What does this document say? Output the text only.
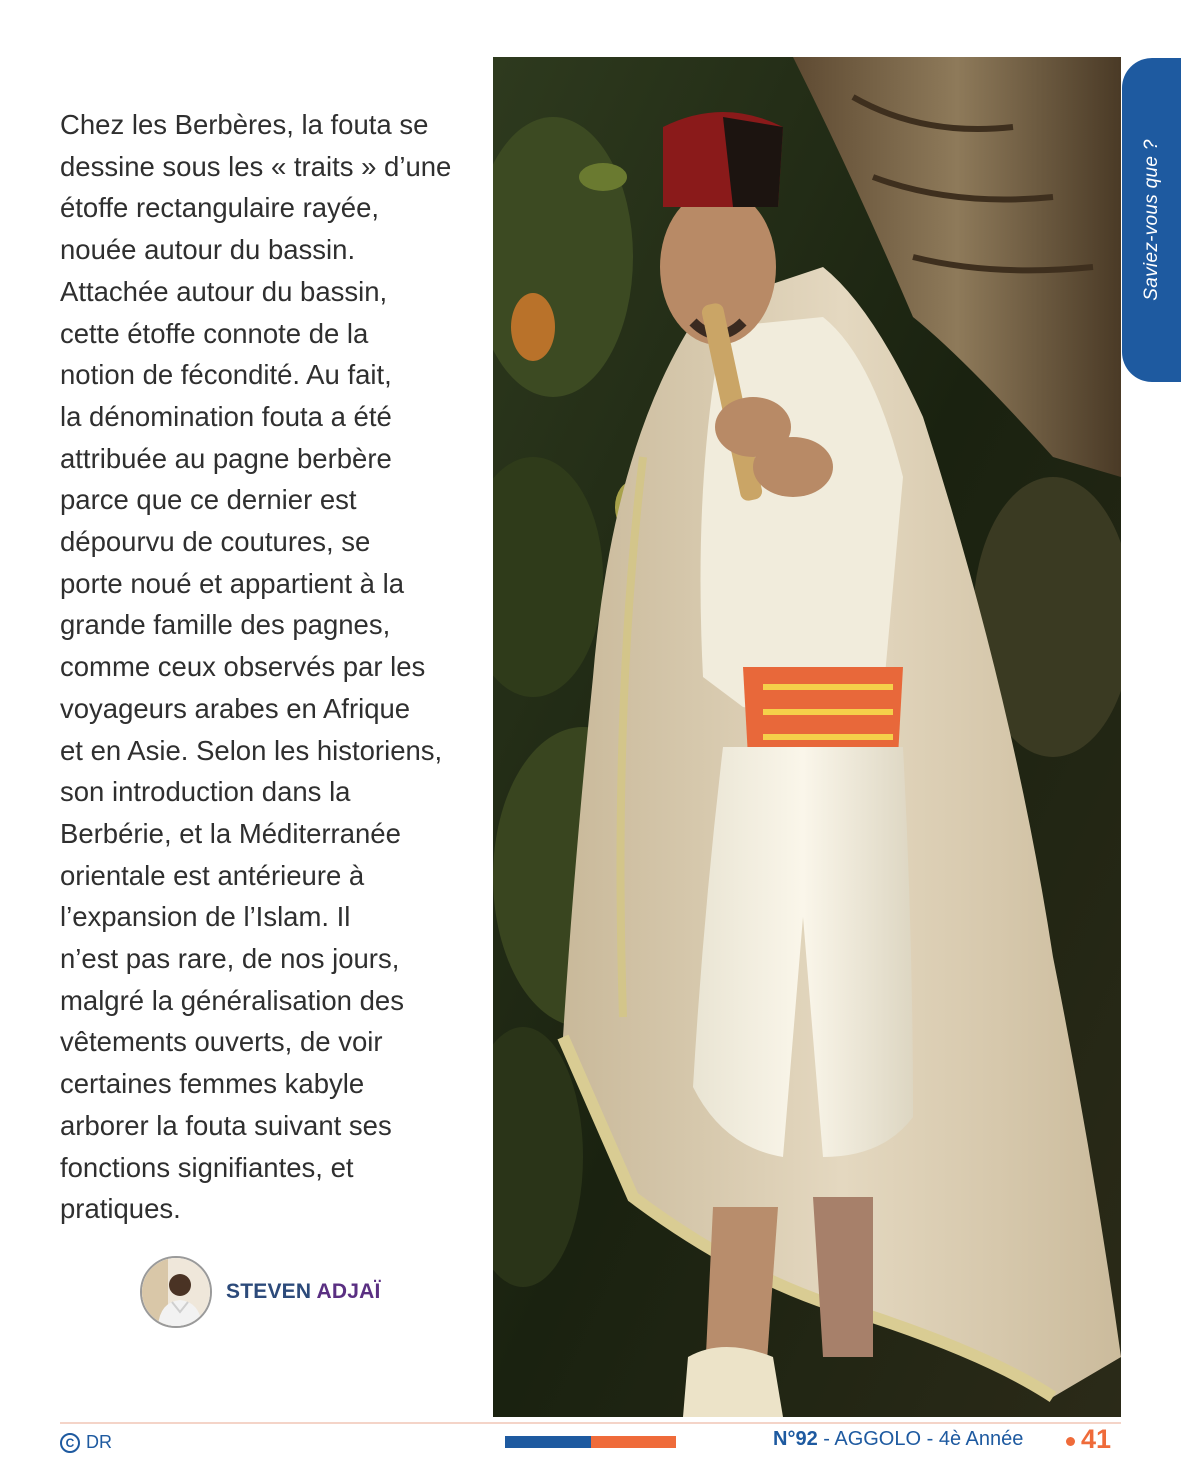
Chez les Berbères, la fouta se
dessine sous les « traits » d’une
étoffe rectangulaire rayée,
nouée autour du bassin.
Attachée autour du bassin,
cette étoffe connote de la
notion de fécondité. Au fait,
la dénomination fouta a été
attribuée au pagne berbère
parce que ce dernier est
dépourvu de coutures, se
porte noué et appartient à la
grande famille des pagnes,
comme ceux observés par les
voyageurs arabes en Afrique
et en Asie. Selon les historiens,
son introduction dans la
Berbérie, et la Méditerranée
orientale est antérieure à
l’expansion de l’Islam. Il
n’est pas rare, de nos jours,
malgré la généralisation des
vêtements ouverts, de voir
certaines femmes kabyle
arborer la fouta suivant ses
fonctions signifiantes, et
pratiques.
STEVEN ADJAÏ
Saviez-vous que ?
C DR	N°92 - AGGOLO - 4è Année 41
